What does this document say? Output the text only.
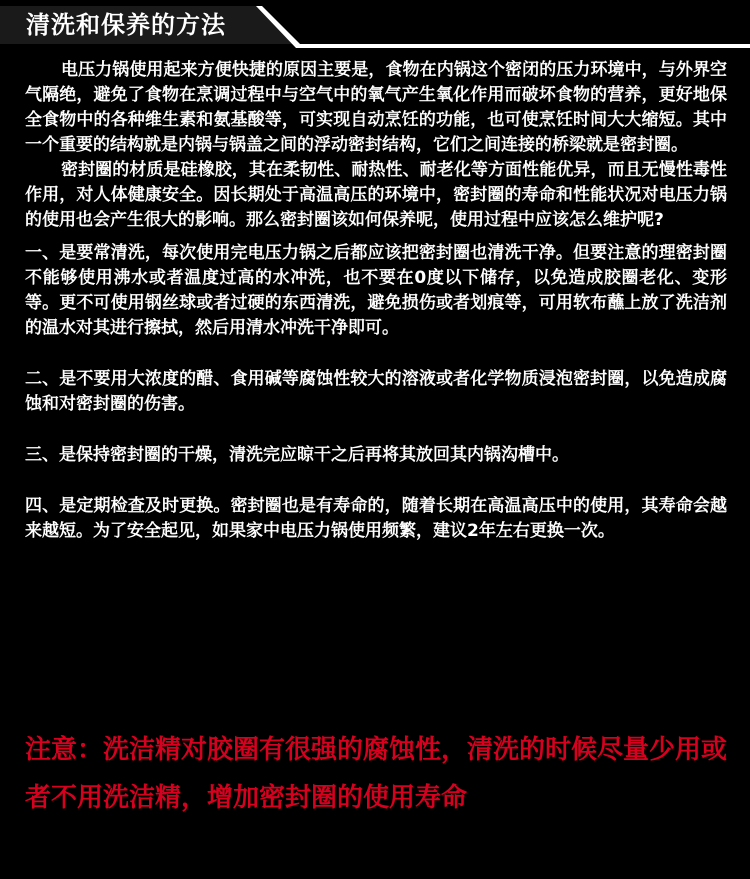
清洗和保养的方法

电压力锅使用起来方便快捷的原因主要是，食物在内锅这个密闭的压力环境中，与外界空气隔绝，避免了食物在烹调过程中与空气中的氧气产生氧化作用而破坏食物的营养，更好地保全食物中的各种维生素和氨基酸等，可实现自动烹饪的功能，也可使烹饪时间大大缩短。其中一个重要的结构就是内锅与锅盖之间的浮动密封结构，它们之间连接的桥梁就是密封圈。

密封圈的材质是硅橡胶，其在柔韧性、耐热性、耐老化等方面性能优异，而且无慢性毒性作用，对人体健康安全。因长期处于高温高压的环境中，密封圈的寿命和性能状况对电压力锅的使用也会产生很大的影响。那么密封圈该如何保养呢，使用过程中应该怎么维护呢?

一、是要常清洗，每次使用完电压力锅之后都应该把密封圈也清洗干净。但要注意的理密封圈不能够使用沸水或者温度过高的水冲洗，也不要在0度以下储存，以免造成胶圈老化、变形等。更不可使用钢丝球或者过硬的东西清洗，避免损伤或者划痕等，可用软布蘸上放了洗洁剂的温水对其进行擦拭，然后用清水冲洗干净即可。

二、是不要用大浓度的醋、食用碱等腐蚀性较大的溶液或者化学物质浸泡密封圈，以免造成腐蚀和对密封圈的伤害。

三、是保持密封圈的干燥，清洗完应晾干之后再将其放回其内锅沟槽中。

四、是定期检查及时更换。密封圈也是有寿命的，随着长期在高温高压中的使用，其寿命会越来越短。为了安全起见，如果家中电压力锅使用频繁，建议2年左右更换一次。

注意：洗洁精对胶圈有很强的腐蚀性，清洗的时候尽量少用或者不用洗洁精，增加密封圈的使用寿命
